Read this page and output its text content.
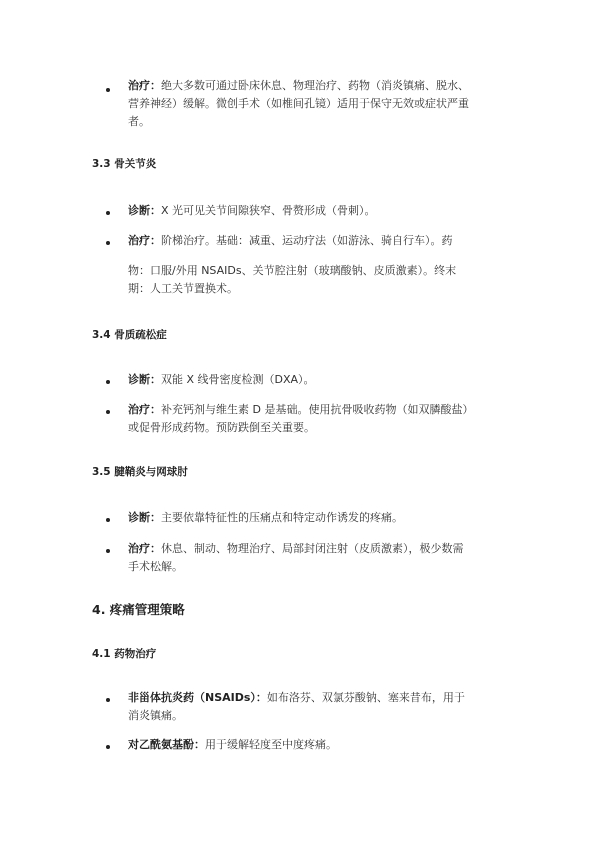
治疗：绝大多数可通过卧床休息、物理治疗、药物（消炎镇痛、脱水、
营养神经）缓解。微创手术（如椎间孔镜）适用于保守无效或症状严重
者。
3.3 骨关节炎
诊断：X 光可见关节间隙狭窄、骨赘形成（骨刺）。
治疗：阶梯治疗。基础：减重、运动疗法（如游泳、骑自行车）。药
物：口服/外用 NSAIDs、关节腔注射（玻璃酸钠、皮质激素）。终末
期：人工关节置换术。
3.4 骨质疏松症
诊断：双能 X 线骨密度检测（DXA）。
治疗：补充钙剂与维生素 D 是基础。使用抗骨吸收药物（如双膦酸盐）
或促骨形成药物。预防跌倒至关重要。
3.5 腱鞘炎与网球肘
诊断：主要依靠特征性的压痛点和特定动作诱发的疼痛。
治疗：休息、制动、物理治疗、局部封闭注射（皮质激素），极少数需
手术松解。
4. 疼痛管理策略
4.1 药物治疗
非甾体抗炎药（NSAIDs）：如布洛芬、双氯芬酸钠、塞来昔布，用于
消炎镇痛。
对乙酰氨基酚：用于缓解轻度至中度疼痛。
